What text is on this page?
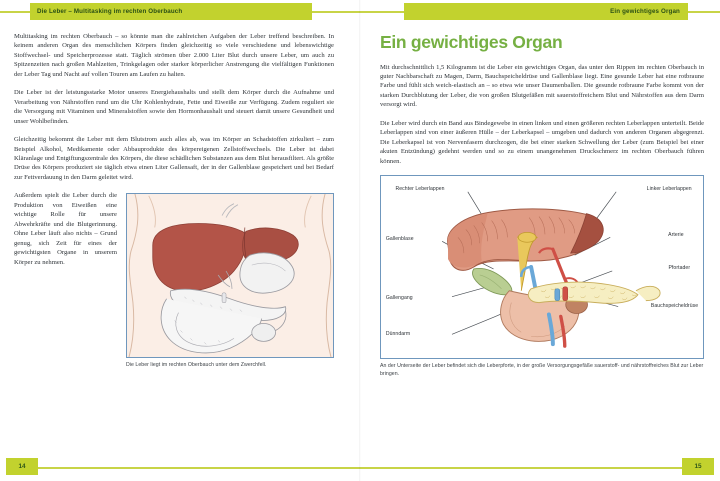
Die Leber – Multitasking im rechten Oberbauch	Ein gewichtiges Organ

Multitasking im rechten Oberbauch – so könnte man die zahlreichen Aufgaben der Leber treffend beschreiben. In keinem anderen Organ des menschlichen Körpers finden gleichzeitig so viele verschiedene und lebenswichtige Stoffwechsel- und Speicherprozesse statt. Täglich strömen über 2.000 Liter Blut durch unsere Leber, um auch zu Spitzenzeiten nach großen Mahlzeiten, Trinkgelagen oder starker körperlicher Anstrengung die vielfältigen Funktionen der Leber Tag und Nacht auf vollen Touren am Laufen zu halten.

Die Leber ist der leistungsstarke Motor unseres Energiehaushalts und stellt dem Körper durch die Aufnahme und Verarbeitung von Nährstoffen rund um die Uhr Kohlenhydrate, Fette und Eiweiße zur Verfügung. Zudem reguliert sie die Versorgung mit Vitaminen und Mineralstoffen sowie den Hormonhaushalt und steuert damit unsere Gesundheit und unser Wohlbefinden.

Gleichzeitig bekommt die Leber mit dem Blutstrom auch alles ab, was im Körper an Schadstoffen zirkuliert – zum Beispiel Alkohol, Medikamente oder Abbauprodukte des körpereigenen Zellstoffwechsels. Die Leber ist dabei Kläranlage und Entgiftungszentrale des Körpers, die diese schädlichen Substanzen aus dem Blut herausfiltert. Als größte Drüse des Körpers produziert sie täglich etwa einen Liter Gallensaft, der in der Gallenblase gespeichert und bei Bedarf zur Fettverdauung in den Darm geleitet wird.

Die Leber liegt im rechten Oberbauch unter dem Zwerchfell.

Außerdem spielt die Leber durch die Produktion von Eiweißen eine wichtige Rolle für unsere Abwehrkräfte und die Blutgerinnung. Ohne Leber läuft also nichts – Grund genug, sich Zeit für eines der gewichtigsten Organe in unserem Körper zu nehmen.

Ein gewichtiges Organ

Mit durchschnittlich 1,5 Kilogramm ist die Leber ein gewichtiges Organ, das unter den Rippen im rechten Oberbauch in guter Nachbarschaft zu Magen, Darm, Bauchspeicheldrüse und Gallenblase liegt. Eine gesunde Leber hat eine rotbraune Farbe und fühlt sich weich-elastisch an – so etwa wie unser Daumenballen. Die gesunde rotbraune Farbe kommt von der starken Durchblutung der Leber, die von großen Blutgefäßen mit sauerstoffreichem Blut und Nährstoffen aus dem Darm versorgt wird.

Die Leber wird durch ein Band aus Bindegewebe in einen linken und einen größeren rechten Leberlappen unterteilt. Beide Leberlappen sind von einer äußeren Hülle – der Leberkapsel – umgeben und dadurch von anderen Organen abgegrenzt. Die Leberkapsel ist von Nervenfasern durchzogen, die bei einer starken Schwellung der Leber (zum Beispiel bei einer akuten Entzündung) gedehnt werden und so zu einem unangenehmen Druckschmerz im rechten Oberbauch führen können.

Rechter Leberlappen	Linker Leberlappen
Gallenblase
Arterie
Pfortader
Gallengang
Bauchspeicheldrüse
Dünndarm
An der Unterseite der Leber befindet sich die Leberpforte, in der große Versorgungsgefäße sauerstoff- und nährstoffreiches Blut zur Leber bringen.
14	15
